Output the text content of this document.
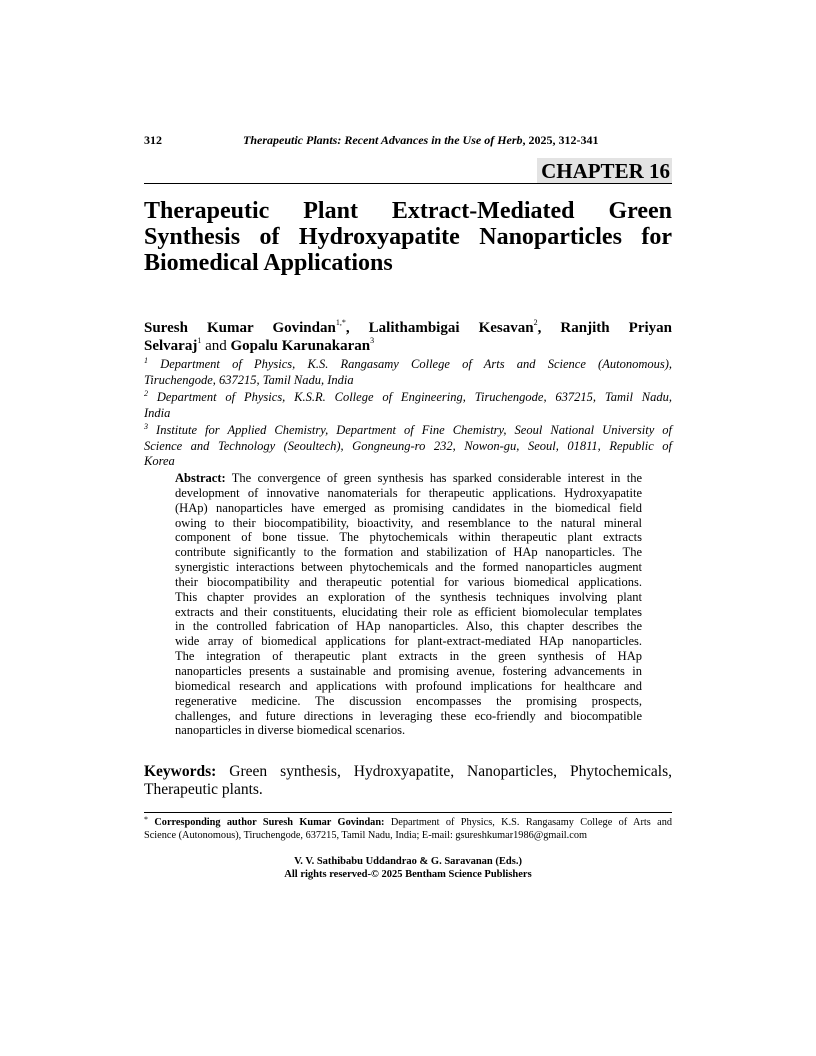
312	Therapeutic Plants: Recent Advances in the Use of Herb, 2025, 312-341
CHAPTER 16
Therapeutic Plant Extract-Mediated Green
Synthesis of Hydroxyapatite Nanoparticles for
Biomedical Applications
Suresh Kumar Govindan$^{1,*}$, Lalithambigai Kesavan$^2$, Ranjith Priyan
Selvaraj$^1$ and Gopalu Karunakaran$^3$
$^1$ Department of Physics, K.S. Rangasamy College of Arts and Science (Autonomous),
Tiruchengode, 637215, Tamil Nadu, India
$^2$ Department of Physics, K.S.R. College of Engineering, Tiruchengode, 637215, Tamil Nadu,
India
$^3$ Institute for Applied Chemistry, Department of Fine Chemistry, Seoul National University of
Science and Technology (Seoultech), Gongneung-ro 232, Nowon-gu, Seoul, 01811, Republic of
Korea
Abstract: The convergence of green synthesis has sparked considerable interest in the
development of innovative nanomaterials for therapeutic applications. Hydroxyapatite
(HAp) nanoparticles have emerged as promising candidates in the biomedical field
owing to their biocompatibility, bioactivity, and resemblance to the natural mineral
component of bone tissue. The phytochemicals within therapeutic plant extracts
contribute significantly to the formation and stabilization of HAp nanoparticles. The
synergistic interactions between phytochemicals and the formed nanoparticles augment
their biocompatibility and therapeutic potential for various biomedical applications.
This chapter provides an exploration of the synthesis techniques involving plant
extracts and their constituents, elucidating their role as efficient biomolecular templates
in the controlled fabrication of HAp nanoparticles. Also, this chapter describes the
wide array of biomedical applications for plant-extract-mediated HAp nanoparticles.
The integration of therapeutic plant extracts in the green synthesis of HAp
nanoparticles presents a sustainable and promising avenue, fostering advancements in
biomedical research and applications with profound implications for healthcare and
regenerative medicine. The discussion encompasses the promising prospects,
challenges, and future directions in leveraging these eco-friendly and biocompatible
nanoparticles in diverse biomedical scenarios.
Keywords: Green synthesis, Hydroxyapatite, Nanoparticles, Phytochemicals,
Therapeutic plants.
* Corresponding author Suresh Kumar Govindan: Department of Physics, K.S. Rangasamy College of Arts and
Science (Autonomous), Tiruchengode, 637215, Tamil Nadu, India; E-mail: gsureshkumar1986@gmail.com
V. V. Sathibabu Uddandrao & G. Saravanan (Eds.)
All rights reserved-© 2025 Bentham Science Publishers
